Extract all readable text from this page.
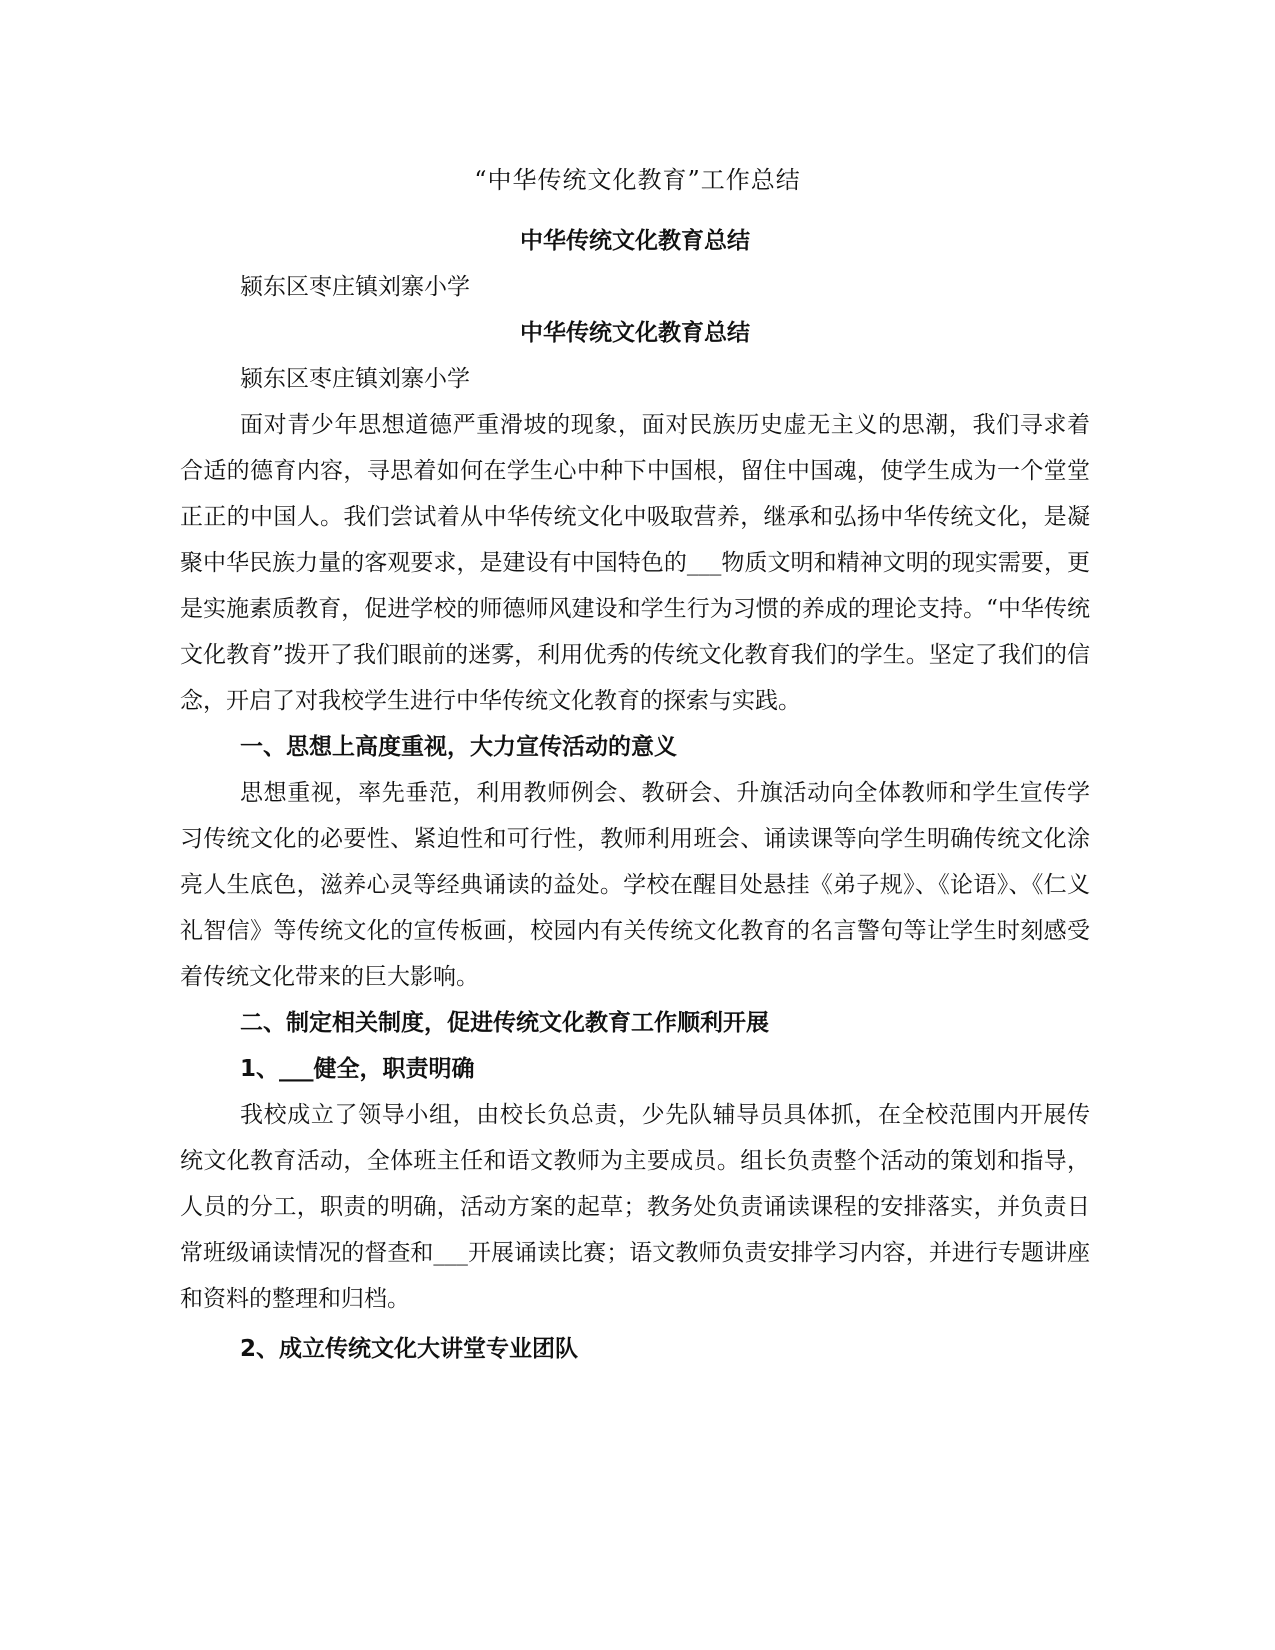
“中华传统文化教育”工作总结

中华传统文化教育总结

颍东区枣庄镇刘寨小学

中华传统文化教育总结

颍东区枣庄镇刘寨小学

面对青少年思想道德严重滑坡的现象，面对民族历史虚无主义的思潮，我们寻求着合适的德育内容，寻思着如何在学生心中种下中国根，留住中国魂，使学生成为一个堂堂正正的中国人。我们尝试着从中华传统文化中吸取营养，继承和弘扬中华传统文化，是凝聚中华民族力量的客观要求，是建设有中国特色的___物质文明和精神文明的现实需要，更是实施素质教育，促进学校的师德师风建设和学生行为习惯的养成的理论支持。“中华传统文化教育”拨开了我们眼前的迷雾，利用优秀的传统文化教育我们的学生。坚定了我们的信念，开启了对我校学生进行中华传统文化教育的探索与实践。

一、思想上高度重视，大力宣传活动的意义

思想重视，率先垂范，利用教师例会、教研会、升旗活动向全体教师和学生宣传学习传统文化的必要性、紧迫性和可行性，教师利用班会、诵读课等向学生明确传统文化涂亮人生底色，滋养心灵等经典诵读的益处。学校在醒目处悬挂《弟子规》、《论语》、《仁义礼智信》等传统文化的宣传板画，校园内有关传统文化教育的名言警句等让学生时刻感受着传统文化带来的巨大影响。

二、制定相关制度，促进传统文化教育工作顺利开展

1、___健全，职责明确

我校成立了领导小组，由校长负总责，少先队辅导员具体抓，在全校范围内开展传统文化教育活动，全体班主任和语文教师为主要成员。组长负责整个活动的策划和指导，人员的分工，职责的明确，活动方案的起草；教务处负责诵读课程的安排落实，并负责日常班级诵读情况的督查和___开展诵读比赛；语文教师负责安排学习内容，并进行专题讲座和资料的整理和归档。

2、成立传统文化大讲堂专业团队
